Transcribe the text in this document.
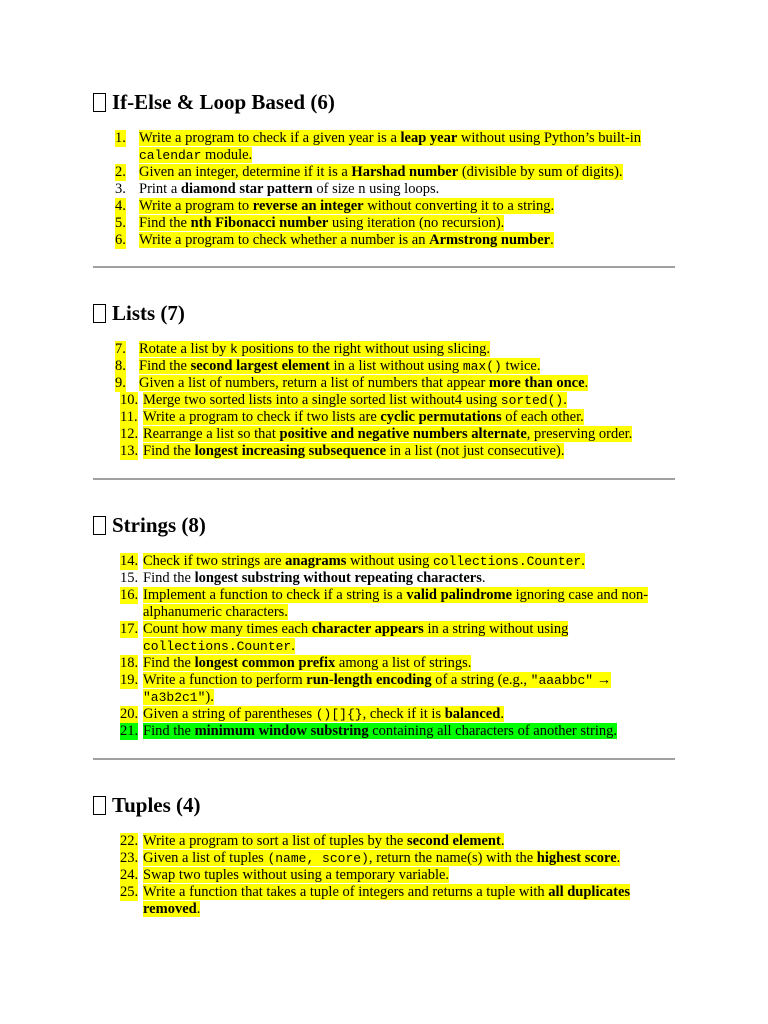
If-Else & Loop Based (6)
1. Write a program to check if a given year is a leap year without using Python’s built-in calendar module.
2. Given an integer, determine if it is a Harshad number (divisible by sum of digits).
3. Print a diamond star pattern of size n using loops.
4. Write a program to reverse an integer without converting it to a string.
5. Find the nth Fibonacci number using iteration (no recursion).
6. Write a program to check whether a number is an Armstrong number.
Lists (7)
7. Rotate a list by k positions to the right without using slicing.
8. Find the second largest element in a list without using max() twice.
9. Given a list of numbers, return a list of numbers that appear more than once.
10. Merge two sorted lists into a single sorted list without4 using sorted().
11. Write a program to check if two lists are cyclic permutations of each other.
12. Rearrange a list so that positive and negative numbers alternate, preserving order.
13. Find the longest increasing subsequence in a list (not just consecutive).
Strings (8)
14. Check if two strings are anagrams without using collections.Counter.
15. Find the longest substring without repeating characters.
16. Implement a function to check if a string is a valid palindrome ignoring case and non-alphanumeric characters.
17. Count how many times each character appears in a string without using collections.Counter.
18. Find the longest common prefix among a list of strings.
19. Write a function to perform run-length encoding of a string (e.g., "aaabbc" → "a3b2c1").
20. Given a string of parentheses ()[]{}, check if it is balanced.
21. Find the minimum window substring containing all characters of another string.
Tuples (4)
22. Write a program to sort a list of tuples by the second element.
23. Given a list of tuples (name, score), return the name(s) with the highest score.
24. Swap two tuples without using a temporary variable.
25. Write a function that takes a tuple of integers and returns a tuple with all duplicates removed.
